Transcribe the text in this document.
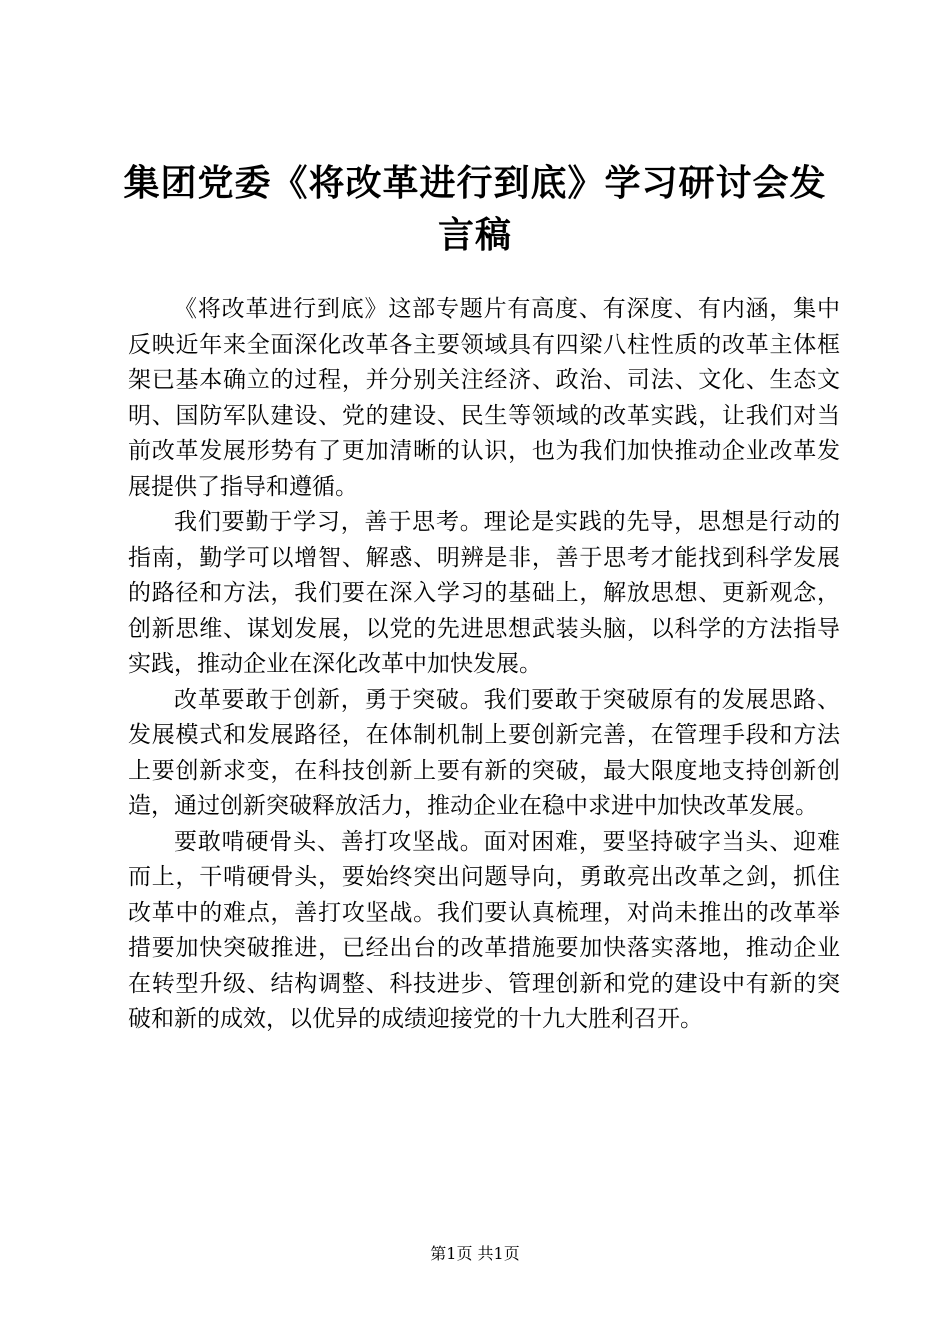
集团党委《将改革进行到底》学习研讨会发言稿

《将改革进行到底》这部专题片有高度、有深度、有内涵，集中反映近年来全面深化改革各主要领域具有四梁八柱性质的改革主体框架已基本确立的过程，并分别关注经济、政治、司法、文化、生态文明、国防军队建设、党的建设、民生等领域的改革实践，让我们对当前改革发展形势有了更加清晰的认识，也为我们加快推动企业改革发展提供了指导和遵循。

我们要勤于学习，善于思考。理论是实践的先导，思想是行动的指南，勤学可以增智、解惑、明辨是非，善于思考才能找到科学发展的路径和方法，我们要在深入学习的基础上，解放思想、更新观念，创新思维、谋划发展，以党的先进思想武装头脑，以科学的方法指导实践，推动企业在深化改革中加快发展。

改革要敢于创新，勇于突破。我们要敢于突破原有的发展思路、发展模式和发展路径，在体制机制上要创新完善，在管理手段和方法上要创新求变，在科技创新上要有新的突破，最大限度地支持创新创造，通过创新突破释放活力，推动企业在稳中求进中加快改革发展。

要敢啃硬骨头、善打攻坚战。面对困难，要坚持破字当头、迎难而上，干啃硬骨头，要始终突出问题导向，勇敢亮出改革之剑，抓住改革中的难点，善打攻坚战。我们要认真梳理，对尚未推出的改革举措要加快突破推进，已经出台的改革措施要加快落实落地，推动企业在转型升级、结构调整、科技进步、管理创新和党的建设中有新的突破和新的成效，以优异的成绩迎接党的十九大胜利召开。

第1页 共1页
